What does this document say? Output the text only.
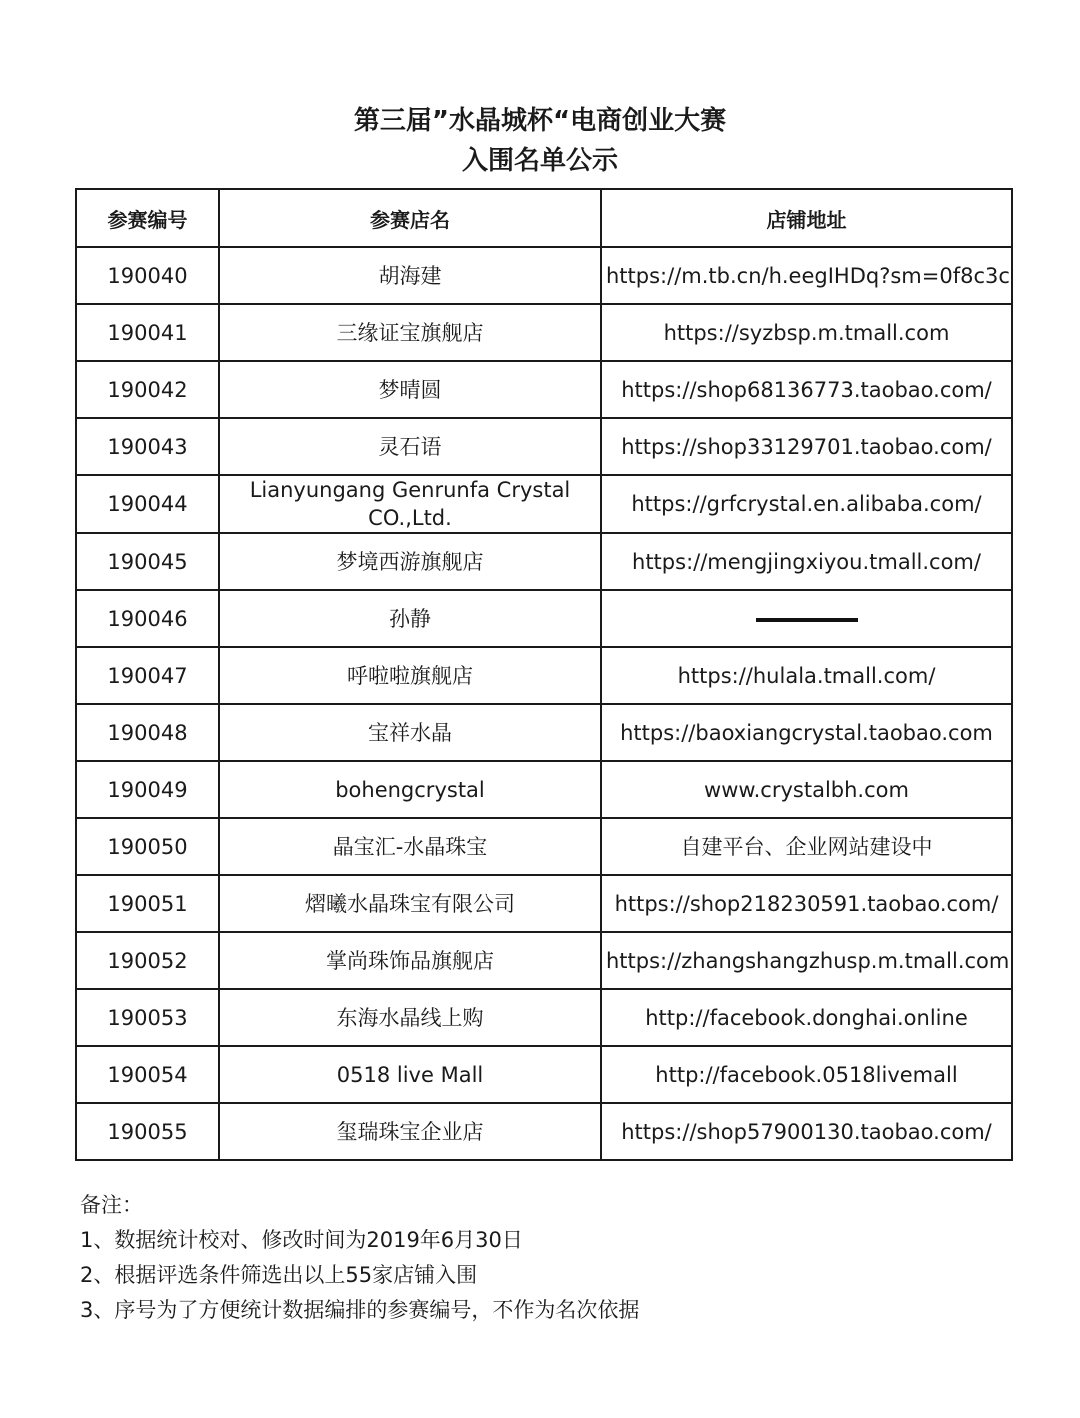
第三届”水晶城杯“电商创业大赛
入围名单公示
参赛编号	参赛店名	店铺地址
190040	胡海建	https://m.tb.cn/h.eegIHDq?sm=0f8c3c
190041	三缘证宝旗舰店	https://syzbsp.m.tmall.com
190042	梦晴圆	https://shop68136773.taobao.com/
190043	灵石语	https://shop33129701.taobao.com/
190044	Lianyungang Genrunfa Crystal CO.,Ltd.	https://grfcrystal.en.alibaba.com/
190045	梦境西游旗舰店	https://mengjingxiyou.tmall.com/
190046	孙静	
190047	呼啦啦旗舰店	https://hulala.tmall.com/
190048	宝祥水晶	https://baoxiangcrystal.taobao.com
190049	bohengcrystal	www.crystalbh.com
190050	晶宝汇-水晶珠宝	自建平台、企业网站建设中
190051	熠曦水晶珠宝有限公司	https://shop218230591.taobao.com/
190052	掌尚珠饰品旗舰店	https://zhangshangzhusp.m.tmall.com
190053	东海水晶线上购	http://facebook.donghai.online
190054	0518 live Mall	http://facebook.0518livemall
190055	玺瑞珠宝企业店	https://shop57900130.taobao.com/
备注：
1、数据统计校对、修改时间为2019年6月30日
2、根据评选条件筛选出以上55家店铺入围
3、序号为了方便统计数据编排的参赛编号，不作为名次依据
